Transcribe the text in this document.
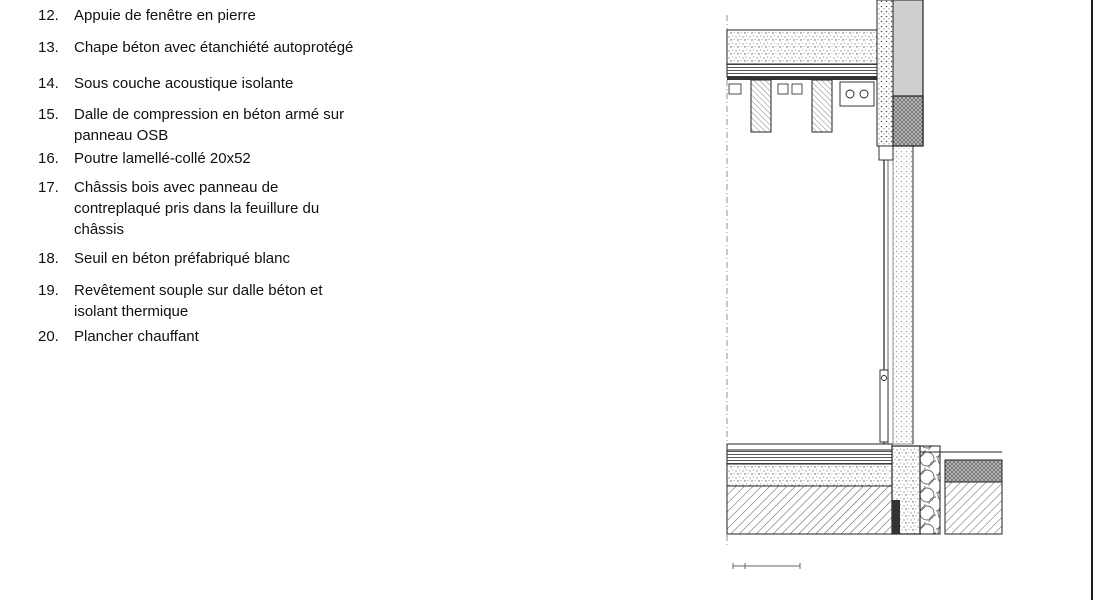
12.	Appuie de fenêtre en pierre
13.	Chape béton avec étanchiété autoprotégé
14.	Sous couche acoustique isolante
15.	Dalle de compression en béton armé sur
panneau OSB
16.	Poutre lamellé-collé 20x52
17.	Châssis bois avec panneau de
contreplaqué pris dans la feuillure du
châssis
18.	Seuil en béton préfabriqué blanc
19.	Revêtement souple sur dalle béton et
isolant thermique
20.	Plancher chauffant
